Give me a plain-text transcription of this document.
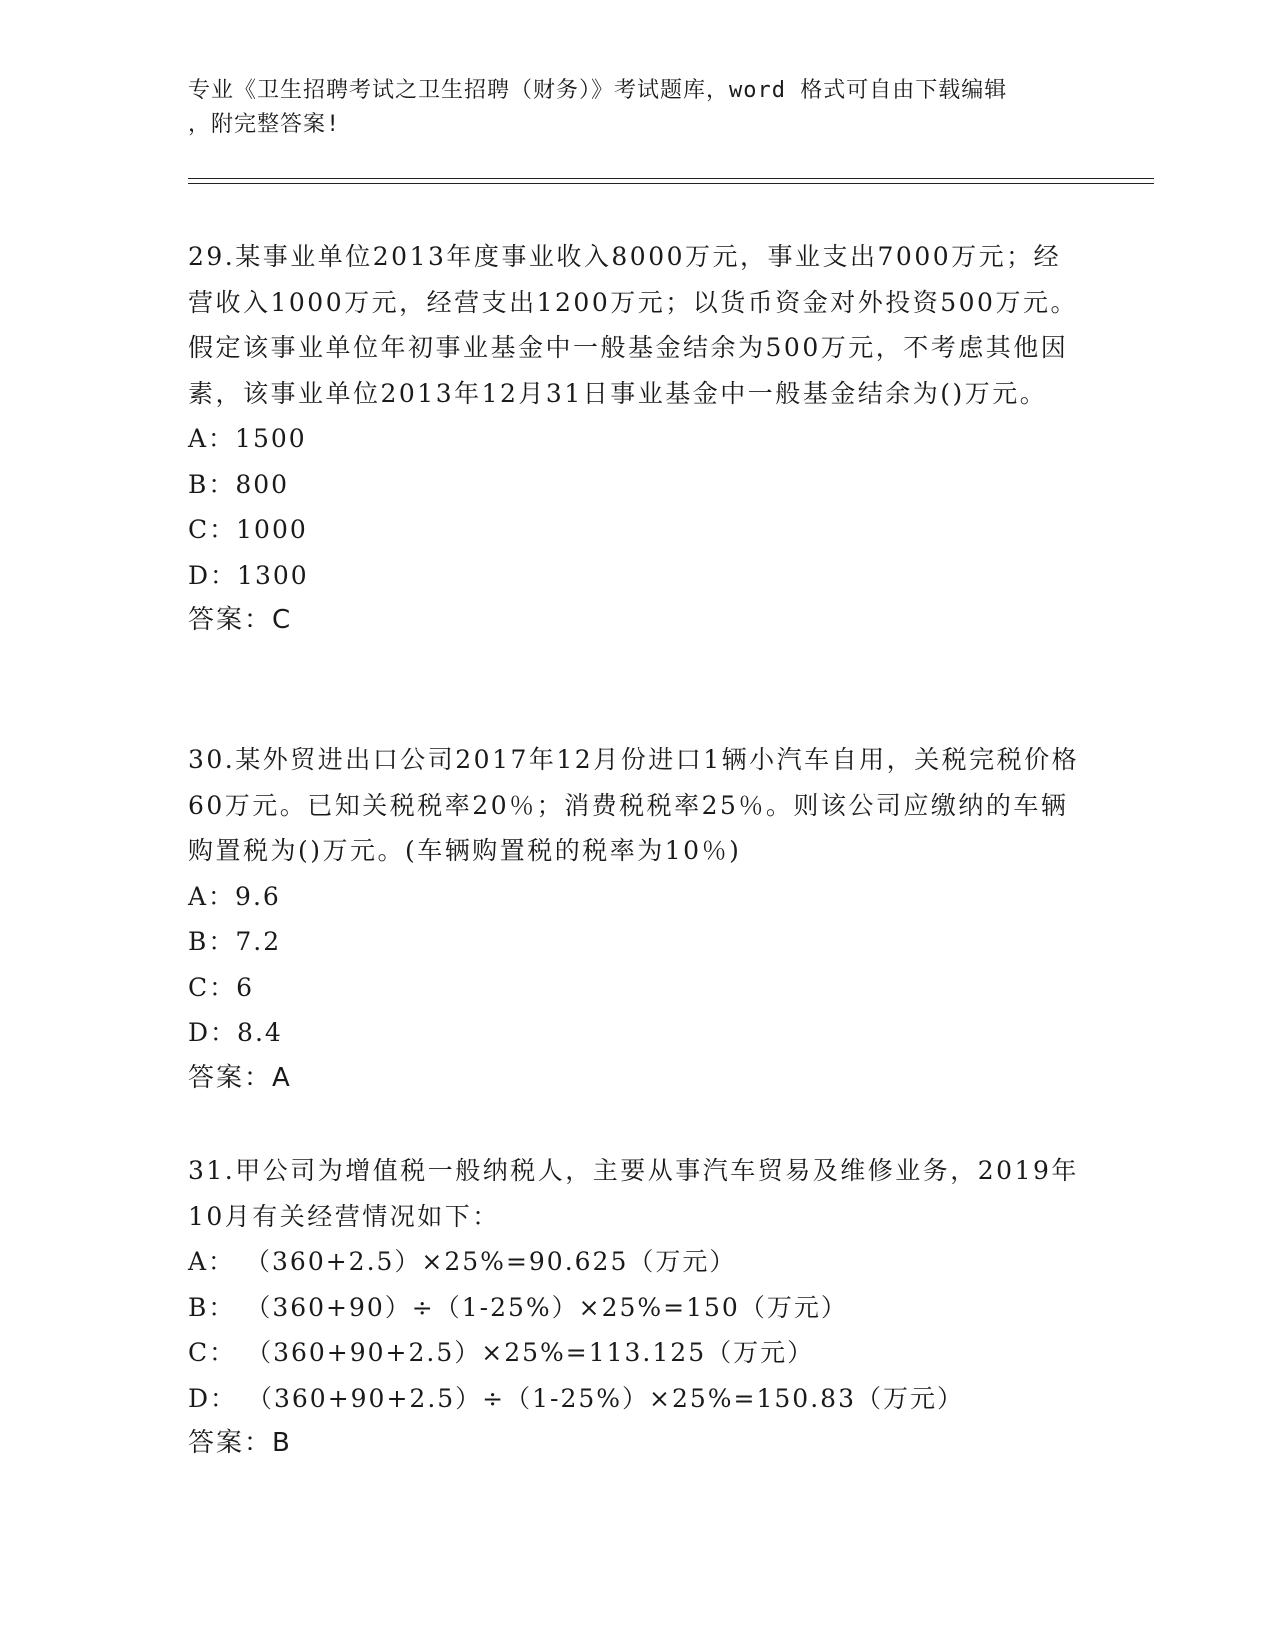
专业《卫生招聘考试之卫生招聘（财务）》考试题库，word 格式可自由下载编辑
，附完整答案!
29.某事业单位2013年度事业收入8000万元，事业支出7000万元；经营收入1000万元，经营支出1200万元；以货币资金对外投资500万元。假定该事业单位年初事业基金中一般基金结余为500万元，不考虑其他因素，该事业单位2013年12月31日事业基金中一般基金结余为()万元。
A：1500
B：800
C：1000
D：1300
答案：C
30.某外贸进出口公司2017年12月份进口1辆小汽车自用，关税完税价格60万元。已知关税税率20％；消费税税率25％。则该公司应缴纳的车辆购置税为()万元。(车辆购置税的税率为10％)
A：9.6
B：7.2
C：6
D：8.4
答案：A
31.甲公司为增值税一般纳税人，主要从事汽车贸易及维修业务，2019年10月有关经营情况如下：
A： （360+2.5）×25%=90.625（万元）
B： （360+90）÷（1-25%）×25%=150（万元）
C： （360+90+2.5）×25%=113.125（万元）
D： （360+90+2.5）÷（1-25%）×25%=150.83（万元）
答案：B
